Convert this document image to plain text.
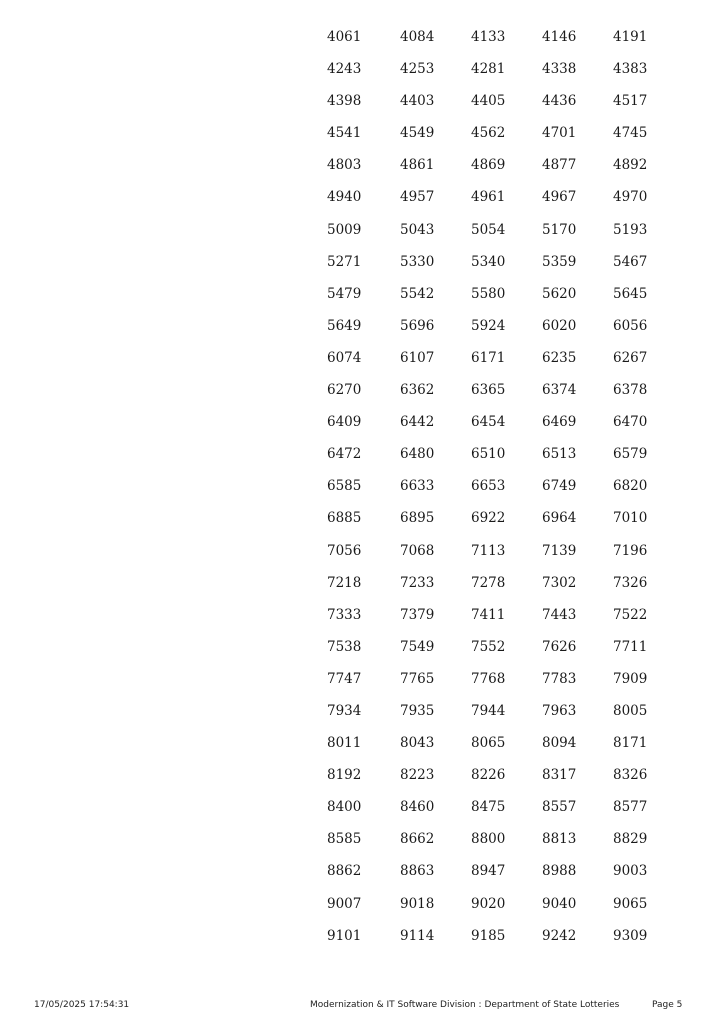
4061	4084	4133	4146	4191
4243	4253	4281	4338	4383
4398	4403	4405	4436	4517
4541	4549	4562	4701	4745
4803	4861	4869	4877	4892
4940	4957	4961	4967	4970
5009	5043	5054	5170	5193
5271	5330	5340	5359	5467
5479	5542	5580	5620	5645
5649	5696	5924	6020	6056
6074	6107	6171	6235	6267
6270	6362	6365	6374	6378
6409	6442	6454	6469	6470
6472	6480	6510	6513	6579
6585	6633	6653	6749	6820
6885	6895	6922	6964	7010
7056	7068	7113	7139	7196
7218	7233	7278	7302	7326
7333	7379	7411	7443	7522
7538	7549	7552	7626	7711
7747	7765	7768	7783	7909
7934	7935	7944	7963	8005
8011	8043	8065	8094	8171
8192	8223	8226	8317	8326
8400	8460	8475	8557	8577
8585	8662	8800	8813	8829
8862	8863	8947	8988	9003
9007	9018	9020	9040	9065
9101	9114	9185	9242	9309
17/05/2025 17:54:31	Modernization & IT Software Division : Department of State Lotteries	Page 5
